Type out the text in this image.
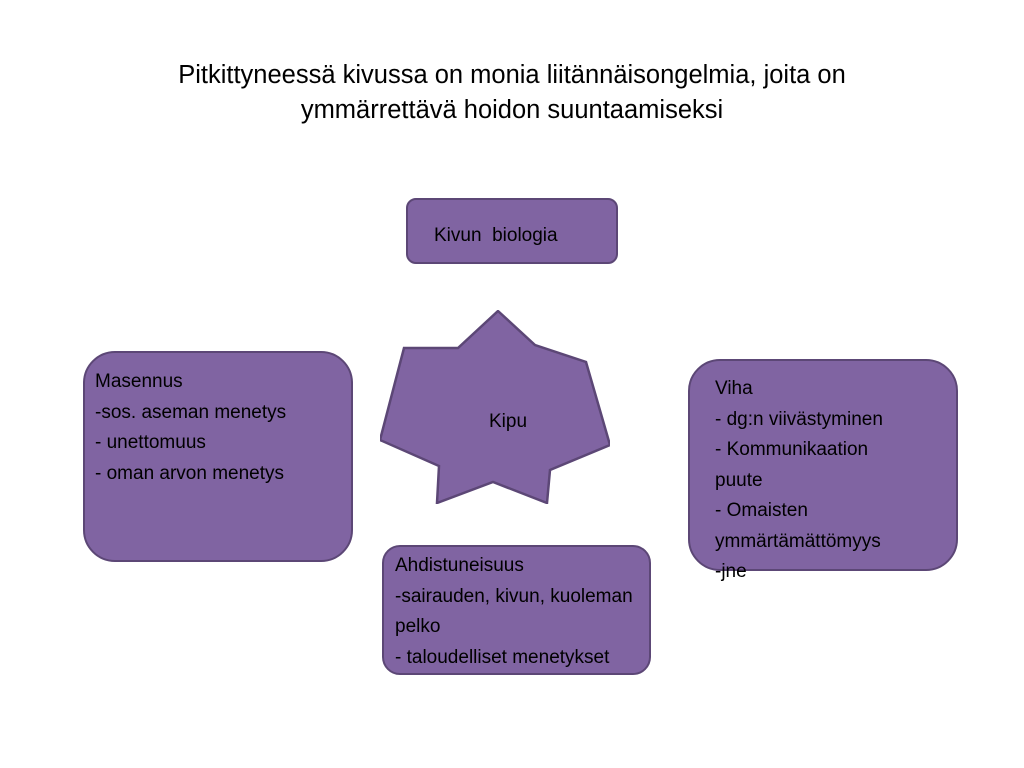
Pitkittyneessä kivussa on monia liitännäisongelmia, joita on
ymmärrettävä hoidon suuntaamiseksi
Kivun  biologia
Kipu
Masennus
-sos. aseman menetys
- unettomuus
- oman arvon menetys
Viha
- dg:n viivästyminen
- Kommunikaation
puute
- Omaisten
ymmärtämättömyys
-jne
Ahdistuneisuus
-sairauden, kivun, kuoleman
pelko
- taloudelliset menetykset
